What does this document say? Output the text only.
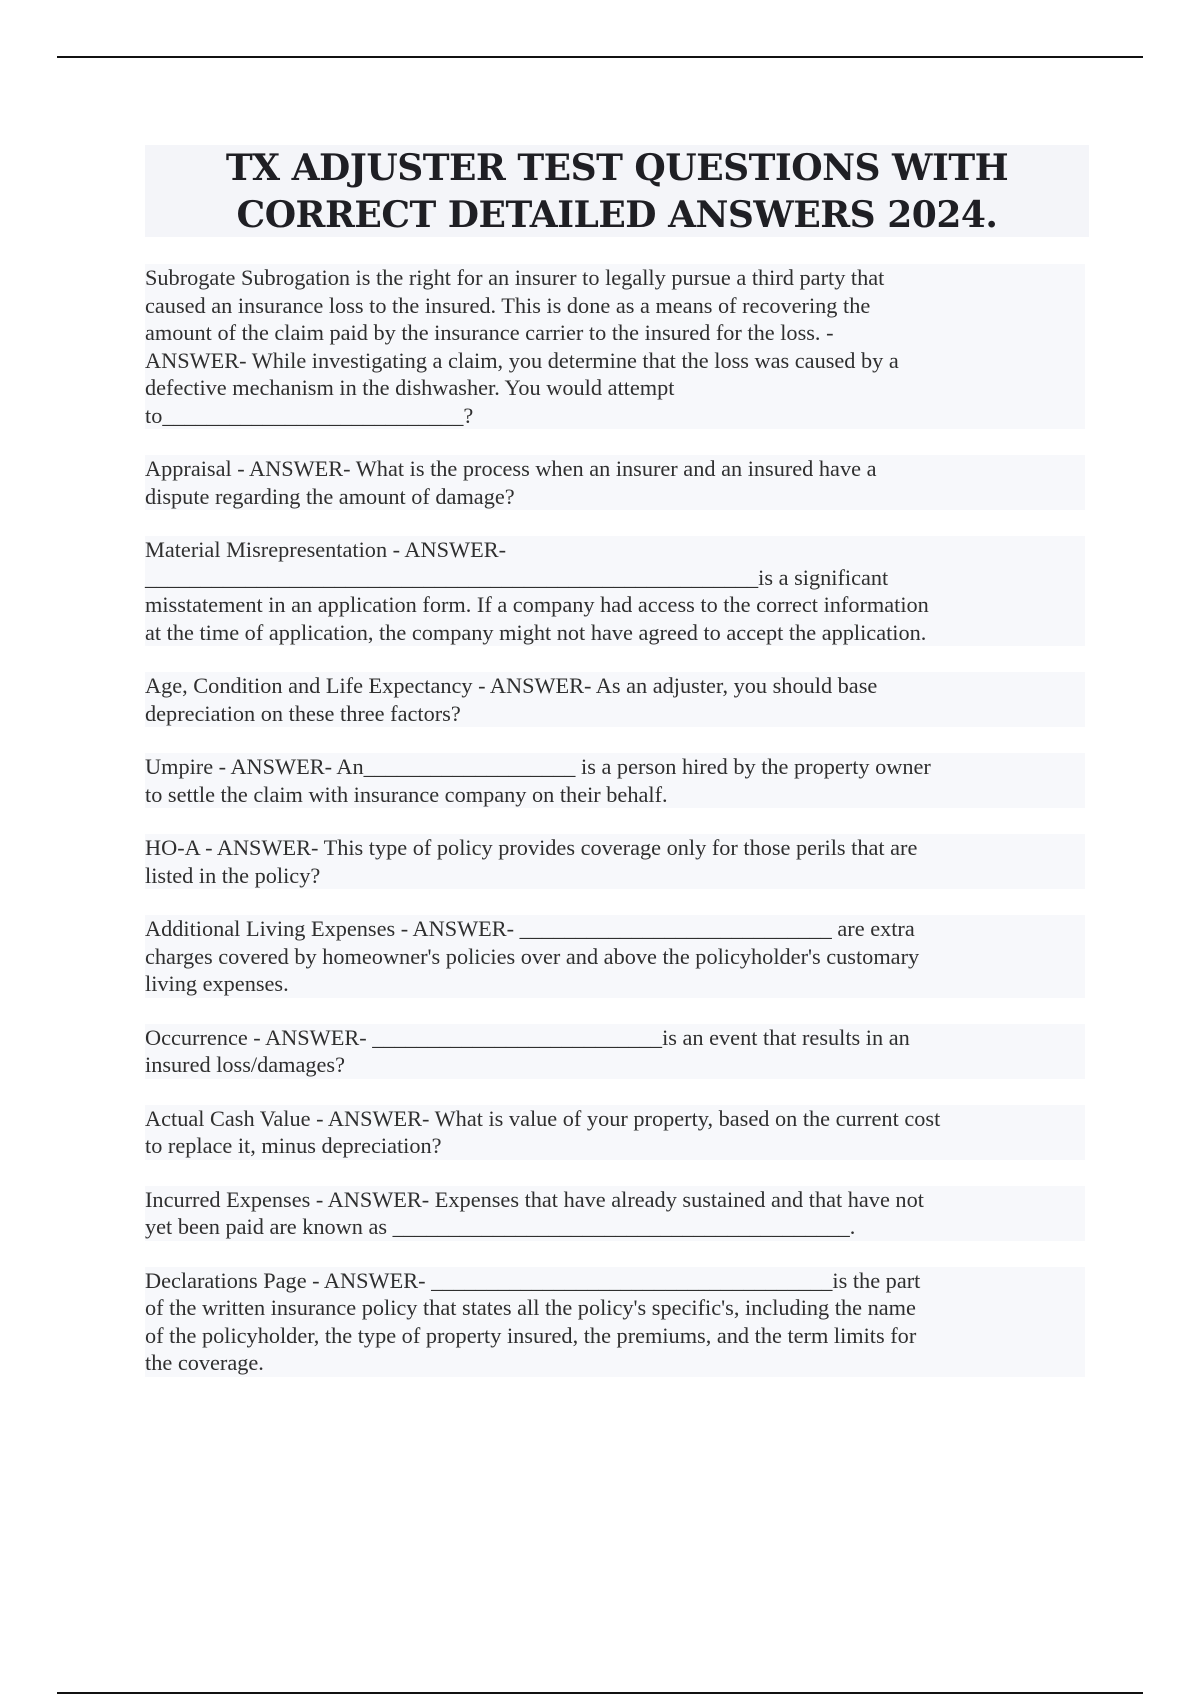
TX ADJUSTER TEST QUESTIONS WITH
CORRECT DETAILED ANSWERS 2024.

Subrogate Subrogation is the right for an insurer to legally pursue a third party that
caused an insurance loss to the insured. This is done as a means of recovering the
amount of the claim paid by the insurance carrier to the insured for the loss. -
ANSWER- While investigating a claim, you determine that the loss was caused by a
defective mechanism in the dishwasher. You would attempt
to___________________________?

Appraisal - ANSWER- What is the process when an insurer and an insured have a
dispute regarding the amount of damage?

Material Misrepresentation - ANSWER-
_______________________________________________________is a significant
misstatement in an application form. If a company had access to the correct information
at the time of application, the company might not have agreed to accept the application.

Age, Condition and Life Expectancy - ANSWER- As an adjuster, you should base
depreciation on these three factors?

Umpire - ANSWER- An___________________ is a person hired by the property owner
to settle the claim with insurance company on their behalf.

HO-A - ANSWER- This type of policy provides coverage only for those perils that are
listed in the policy?

Additional Living Expenses - ANSWER- ____________________________ are extra
charges covered by homeowner's policies over and above the policyholder's customary
living expenses.

Occurrence - ANSWER- __________________________is an event that results in an
insured loss/damages?

Actual Cash Value - ANSWER- What is value of your property, based on the current cost
to replace it, minus depreciation?

Incurred Expenses - ANSWER- Expenses that have already sustained and that have not
yet been paid are known as _________________________________________.

Declarations Page - ANSWER- ____________________________________is the part
of the written insurance policy that states all the policy's specific's, including the name
of the policyholder, the type of property insured, the premiums, and the term limits for
the coverage.
